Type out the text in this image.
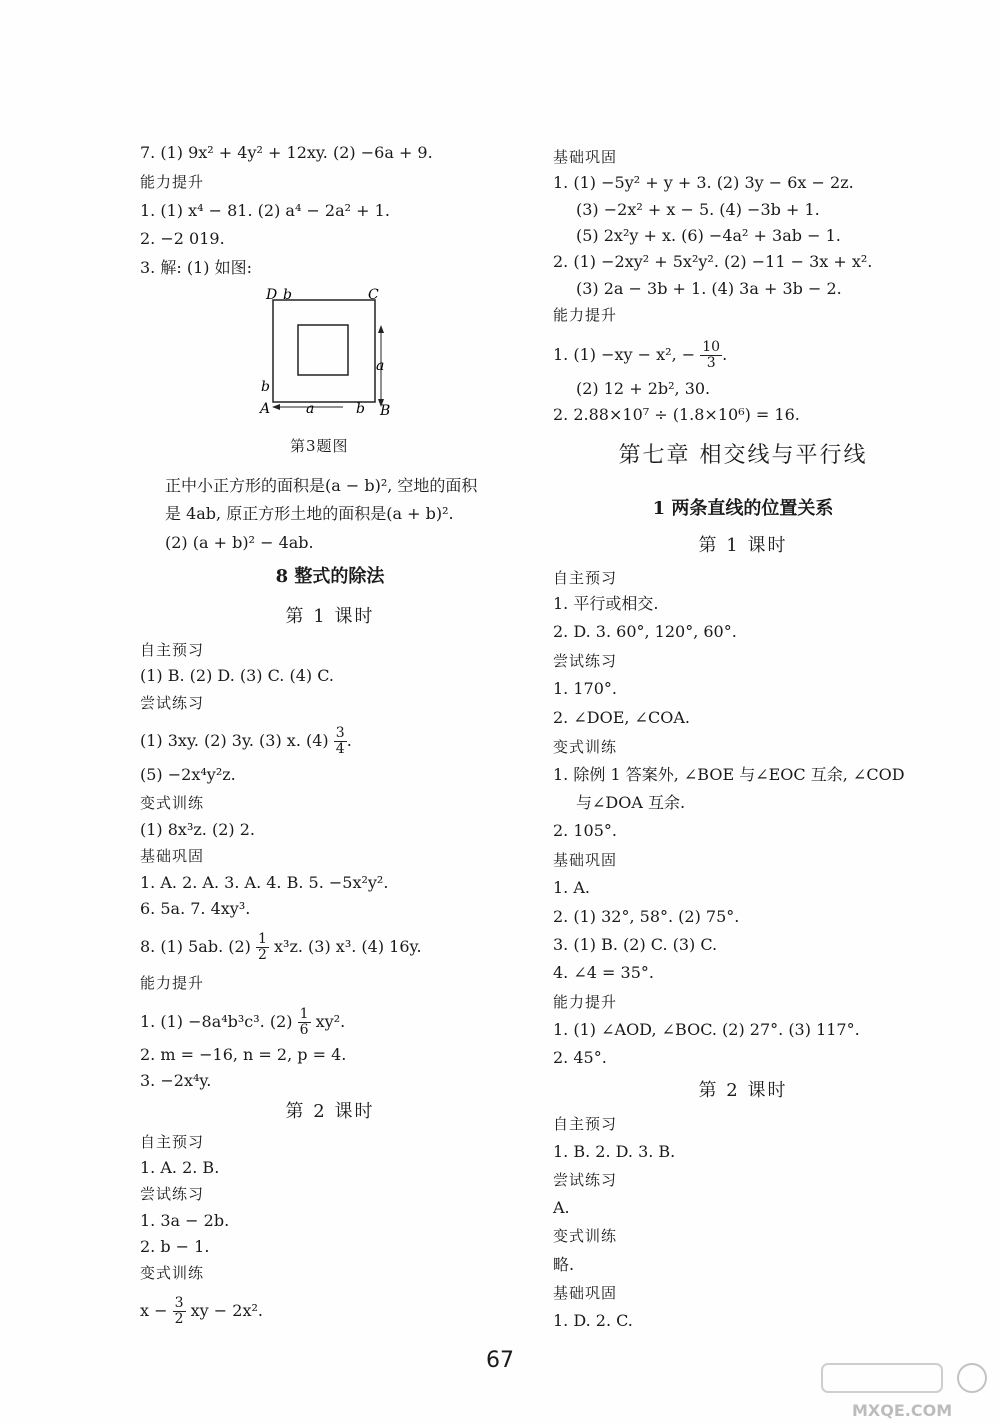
7. (1) 9x² + 4y² + 12xy. (2) −6a + 9.
能力提升
1. (1) x⁴ − 81. (2) a⁴ − 2a² + 1.
2. −2 019.
3. 解: (1) 如图:
D b	C
a
b
A	a	b B
第3题图
正中小正方形的面积是(a − b)², 空地的面积
是 4ab, 原正方形土地的面积是(a + b)².
(2) (a + b)² − 4ab.
8 整式的除法
第 1 课时
自主预习
(1) B. (2) D. (3) C. (4) C.
尝试练习
(1) 3xy. (2) 3y. (3) x. $(4) \frac{3}{4}$ .
(5) −2x⁴y²z.
变式训练
(1) 8x³z. (2) 2.
基础巩固
1. A. 2. A. 3. A. 4. B. 5. −5x²y².
6. 5a. 7. 4xy³.
8. (1) 5ab. $(2) \frac{1}{2} x^3z$. (3) x³. (4) 16y.
能力提升
1. (1) −8a⁴b³c³. $(2) \frac{1}{6} xy^2$.
2. m = −16, n = 2, p = 4.
3. −2x⁴y.
第 2 课时
自主预习
1. A. 2. B.
尝试练习
1. 3a − 2b.
2. b − 1.
变式训练
$x - \frac{3}{2}$ xy − 2x².
基础巩固
1. (1) −5y² + y + 3. (2) 3y − 6x − 2z.
(3) −2x² + x − 5. (4) −3b + 1.
(5) 2x²y + x. (6) −4a² + 3ab − 1.
2. (1) −2xy² + 5x²y². (2) −11 − 3x + x².
(3) 2a − 3b + 1. (4) 3a + 3b − 2.
能力提升
1. (1) −xy − x², − $\frac{10}{3}$ .
(2) 12 + 2b², 30.
2. 2.88×10⁷ ÷ (1.8×10⁶) = 16.
第七章 相交线与平行线
1 两条直线的位置关系
第 1 课时
自主预习
1. 平行或相交.
2. D. 3. 60°, 120°, 60°.
尝试练习
1. 170°.
2. ∠DOE, ∠COA.
变式训练
1. 除例 1 答案外, ∠BOE 与∠EOC 互余, ∠COD
与∠DOA 互余.
2. 105°.
基础巩固
1. A.
2. (1) 32°, 58°. (2) 75°.
3. (1) B. (2) C. (3) C.
4. ∠4 = 35°.
能力提升
1. (1) ∠AOD, ∠BOC. (2) 27°. (3) 117°.
2. 45°.
第 2 课时
自主预习
1. B. 2. D. 3. B.
尝试练习
A.
变式训练
略.
基础巩固
1. D. 2. C.
67
MXQE.COM
